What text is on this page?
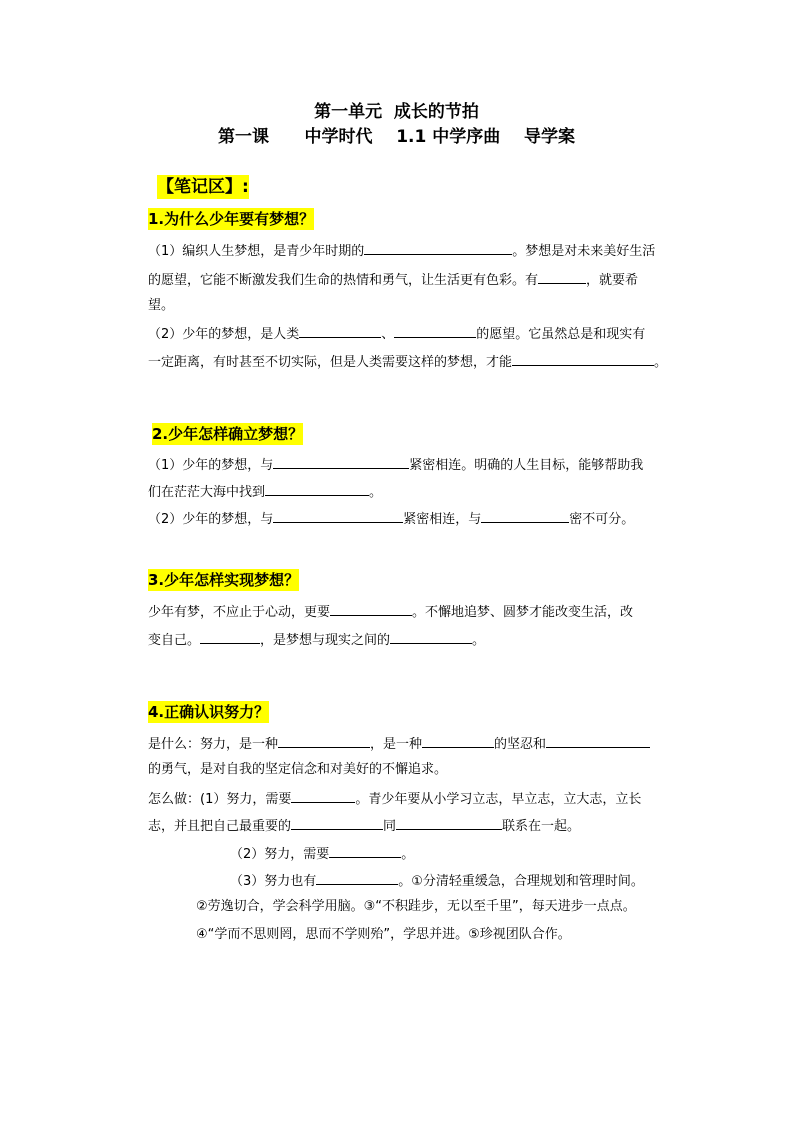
第一单元  成长的节拍
第一课      中学时代    1.1 中学序曲    导学案
【笔记区】:
1.为什么少年要有梦想？
（1）编织人生梦想，是青少年时期的	。梦想是对未来美好生活
的愿望，它能不断激发我们生命的热情和勇气，让生活更有色彩。有	，就要希
望。
（2）少年的梦想，是人类	、	的愿望。它虽然总是和现实有
一定距离，有时甚至不切实际，但是人类需要这样的梦想，才能	。
2.少年怎样确立梦想？
（1）少年的梦想，与	紧密相连。明确的人生目标，能够帮助我
们在茫茫大海中找到	。
（2）少年的梦想，与	紧密相连，与	密不可分。
3.少年怎样实现梦想？
少年有梦，不应止于心动，更要	。不懈地追梦、圆梦才能改变生活，改
变自己。	，是梦想与现实之间的	。
4.正确认识努力？
是什么：努力，是一种	，是一种	的坚忍和
的勇气，是对自我的坚定信念和对美好的不懈追求。
怎么做：(1）努力，需要	。青少年要从小学习立志，早立志，立大志，立长
志，并且把自己最重要的	同	联系在一起。
（2）努力，需要	。
（3）努力也有	。①分清轻重缓急，合理规划和管理时间。
②劳逸切合，学会科学用脑。③“不积跬步，无以至千里”，每天进步一点点。
④“学而不思则罔，思而不学则殆”，学思并进。⑤珍视团队合作。
